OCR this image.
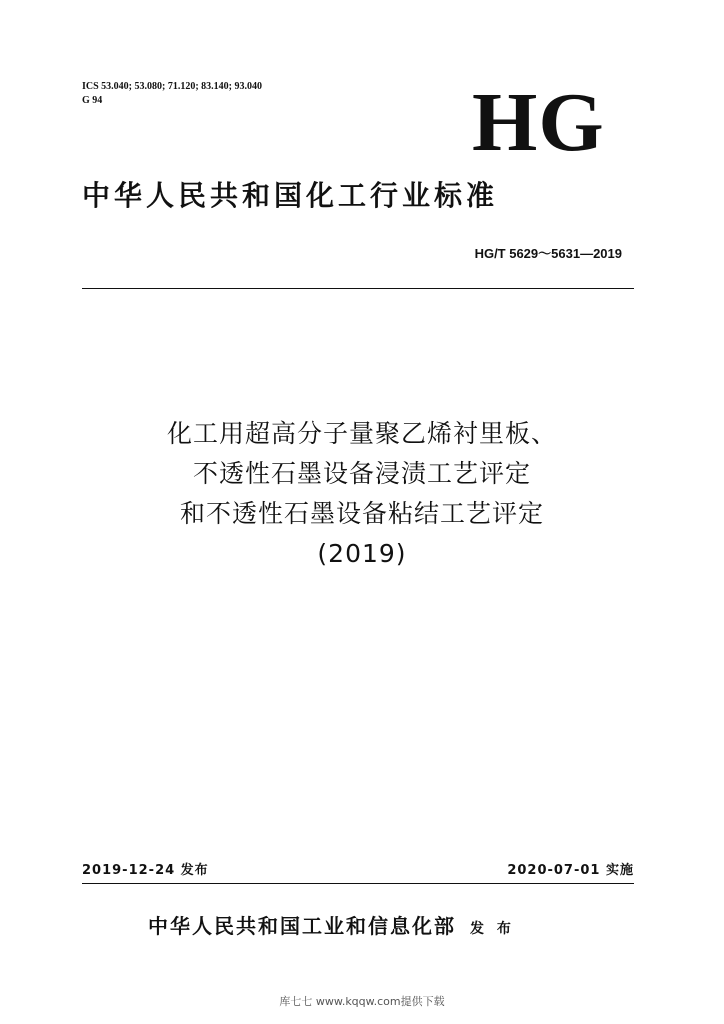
ICS 53.040; 53.080; 71.120; 83.140; 93.040
G 94	HG
中华人民共和国化工行业标准
HG/T 5629～5631—2019
化工用超高分子量聚乙烯衬里板、
不透性石墨设备浸渍工艺评定
和不透性石墨设备粘结工艺评定
(2019)
2019-12-24 发布	2020-07-01 实施
中华人民共和国工业和信息化部 发 布
库七七 www.kqqw.com提供下载
